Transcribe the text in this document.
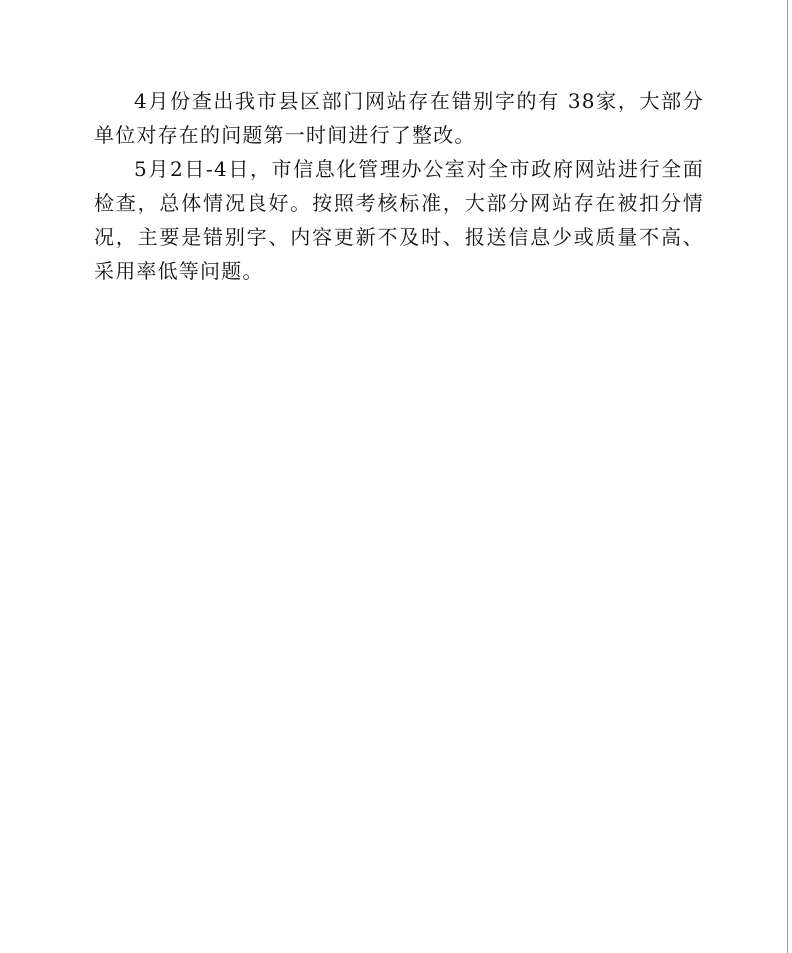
4月份查出我市县区部门网站存在错别字的有 38家，大部分单位对存在的问题第一时间进行了整改。

5月2日-4日，市信息化管理办公室对全市政府网站进行全面检查，总体情况良好。按照考核标准，大部分网站存在被扣分情况，主要是错别字、内容更新不及时、报送信息少或质量不高、采用率低等问题。
